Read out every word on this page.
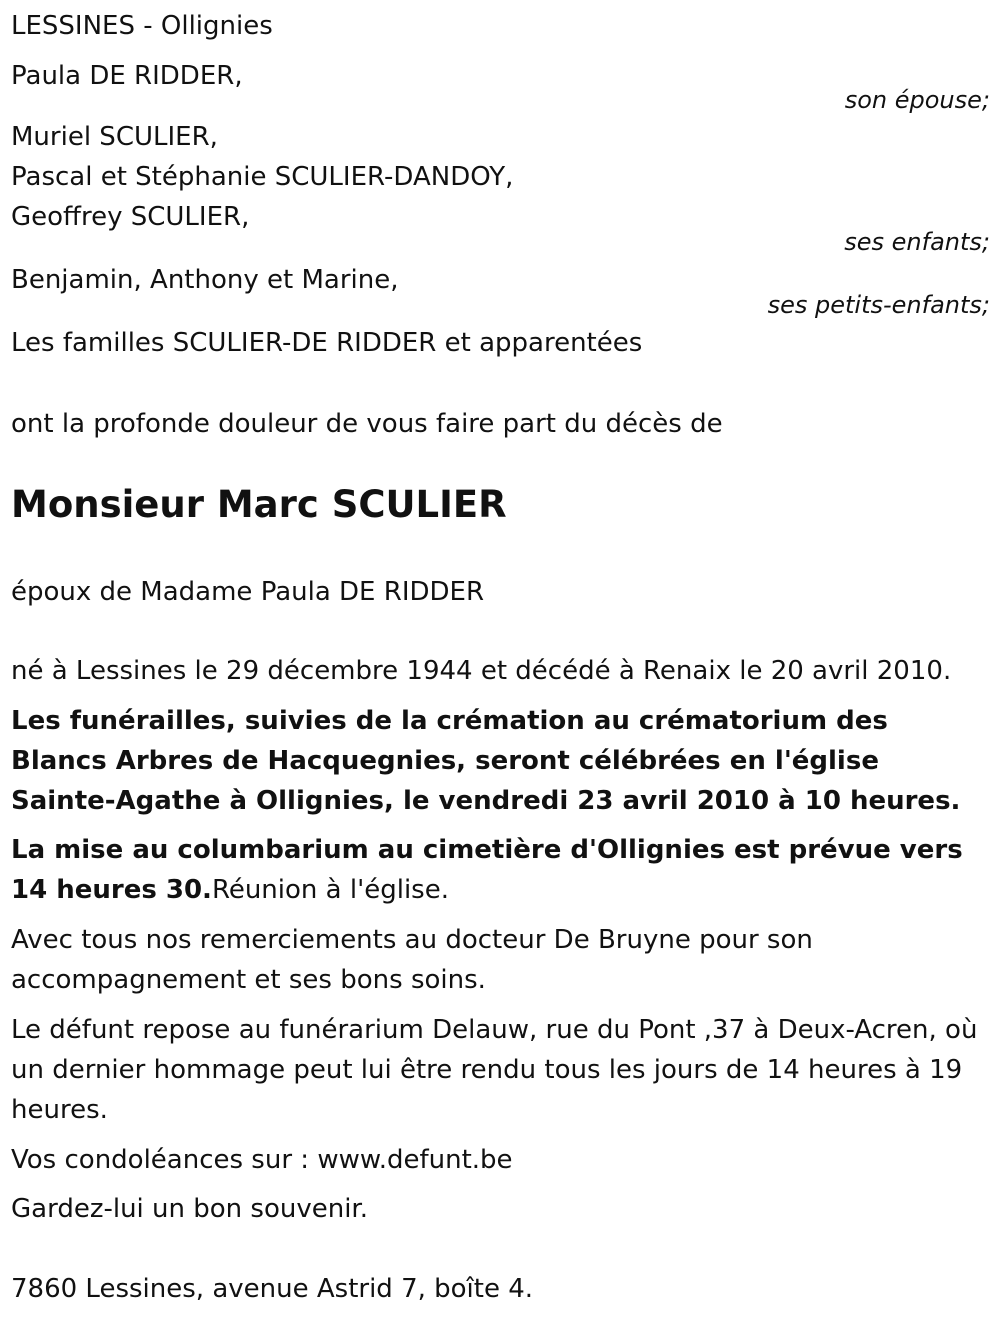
LESSINES - Ollignies

Paula DE RIDDER,

son épouse;

Muriel SCULIER,

Pascal et Stéphanie SCULIER-DANDOY,

Geoffrey SCULIER,

ses enfants;

Benjamin, Anthony et Marine,

ses petits-enfants;

Les familles SCULIER-DE RIDDER et apparentées

ont la profonde douleur de vous faire part du décès de

Monsieur Marc SCULIER

époux de Madame Paula DE RIDDER

né à Lessines le 29 décembre 1944 et décédé à Renaix le 20 avril 2010.

Les funérailles, suivies de la crémation au crématorium des Blancs Arbres de Hacquegnies, seront célébrées en l'église Sainte-Agathe à Ollignies, le vendredi 23 avril 2010 à 10 heures.

La mise au columbarium au cimetière d'Ollignies est prévue vers 14 heures 30.Réunion à l'église.

Avec tous nos remerciements au docteur De Bruyne pour son accompagnement et ses bons soins.

Le défunt repose au funérarium Delauw, rue du Pont ,37 à Deux-Acren, où un dernier hommage peut lui être rendu tous les jours de 14 heures à 19 heures.

Vos condoléances sur : www.defunt.be

Gardez-lui un bon souvenir.

7860 Lessines, avenue Astrid 7, boîte 4.
